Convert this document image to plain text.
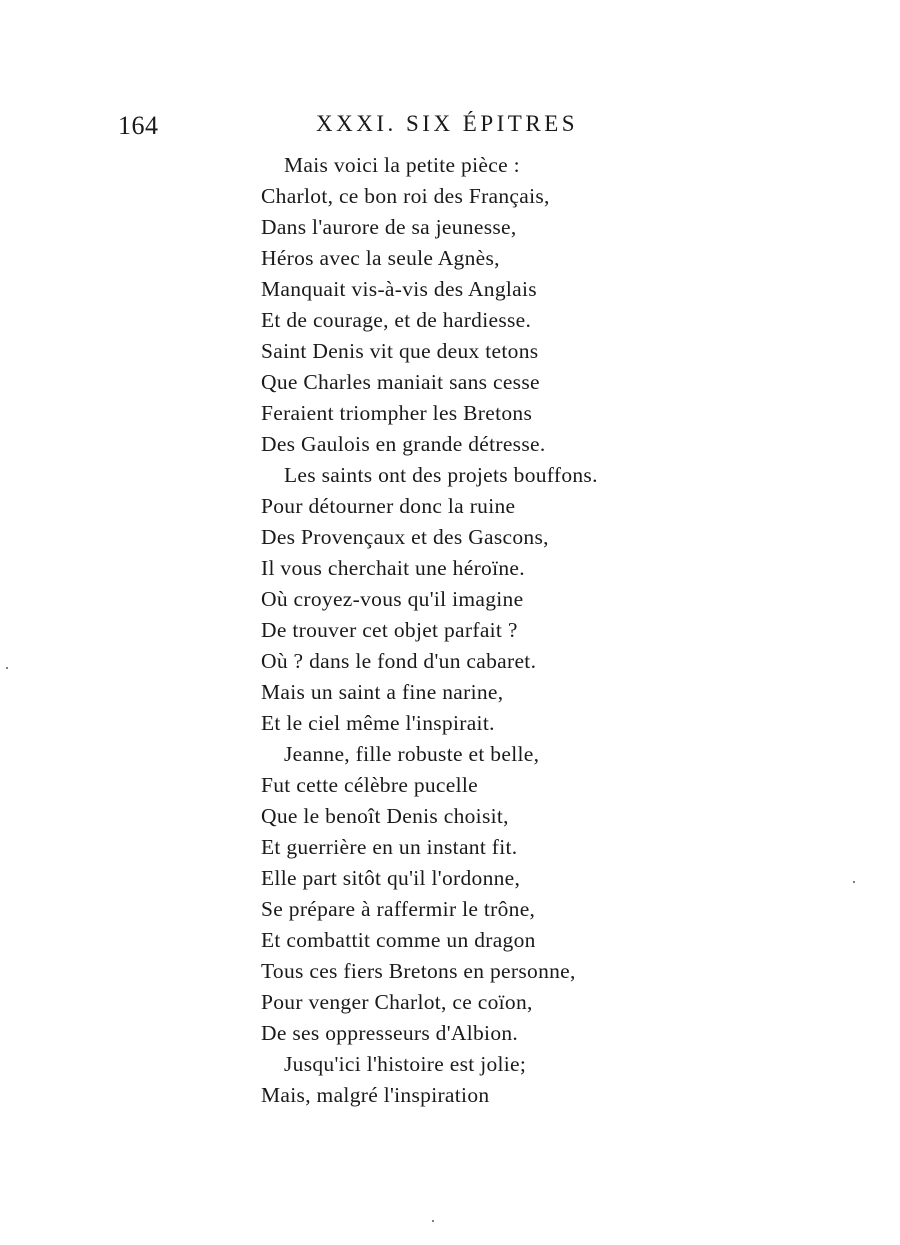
164	XXXI. SIX ÉPITRES
Mais voici la petite pièce :
Charlot, ce bon roi des Français,
Dans l'aurore de sa jeunesse,
Héros avec la seule Agnès,
Manquait vis-à-vis des Anglais
Et de courage, et de hardiesse.
Saint Denis vit que deux tetons
Que Charles maniait sans cesse
Feraient triompher les Bretons
Des Gaulois en grande détresse.
Les saints ont des projets bouffons.
Pour détourner donc la ruine
Des Provençaux et des Gascons,
Il vous cherchait une héroïne.
Où croyez-vous qu'il imagine
De trouver cet objet parfait ?
Où ? dans le fond d'un cabaret.
Mais un saint a fine narine,
Et le ciel même l'inspirait.
Jeanne, fille robuste et belle,
Fut cette célèbre pucelle
Que le benoît Denis choisit,
Et guerrière en un instant fit.
Elle part sitôt qu'il l'ordonne,
Se prépare à raffermir le trône,
Et combattit comme un dragon
Tous ces fiers Bretons en personne,
Pour venger Charlot, ce coïon,
De ses oppresseurs d'Albion.
Jusqu'ici l'histoire est jolie;
Mais, malgré l'inspiration
